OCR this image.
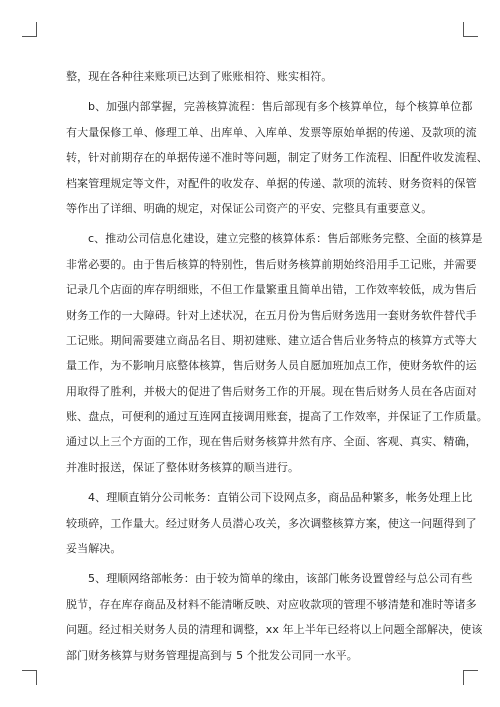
整，现在各种往来账项已达到了账账相符、账实相符。
b、加强内部掌握，完善核算流程：售后部现有多个核算单位，每个核算单位都
有大量保修工单、修理工单、出库单、入库单、发票等原始单据的传递、及款项的流
转，针对前期存在的单据传递不准时等问题，制定了财务工作流程、旧配件收发流程、
档案管理规定等文件，对配件的收发存、单据的传递、款项的流转、财务资料的保管
等作出了详细、明确的规定，对保证公司资产的平安、完整具有重要意义。
c、推动公司信息化建设，建立完整的核算体系：售后部账务完整、全面的核算是
非常必要的。由于售后核算的特别性，售后财务核算前期始终沿用手工记账，并需要
记录几个店面的库存明细账，不但工作量繁重且简单出错，工作效率较低，成为售后
财务工作的一大障碍。针对上述状况，在五月份为售后财务选用一套财务软件替代手
工记账。期间需要建立商品名目、期初建账、建立适合售后业务特点的核算方式等大
量工作，为不影响月底整体核算，售后财务人员自愿加班加点工作，使财务软件的运
用取得了胜利，并极大的促进了售后财务工作的开展。现在售后财务人员在各店面对
账、盘点，可便利的通过互连网直接调用账套，提高了工作效率，并保证了工作质量。
通过以上三个方面的工作，现在售后财务核算井然有序、全面、客观、真实、精确，
并准时报送，保证了整体财务核算的顺当进行。
4、理顺直销分公司帐务：直销公司下设网点多，商品品种繁多，帐务处理上比
较琐碎，工作量大。经过财务人员潜心攻关，多次调整核算方案，使这一问题得到了
妥当解决。
5、理顺网络部帐务：由于较为简单的缘由，该部门帐务设置曾经与总公司有些
脱节，存在库存商品及材料不能清晰反映、对应收款项的管理不够清楚和准时等诸多
问题。经过相关财务人员的清理和调整，xx 年上半年已经将以上问题全部解决，使该
部门财务核算与财务管理提高到与 5 个批发公司同一水平。
